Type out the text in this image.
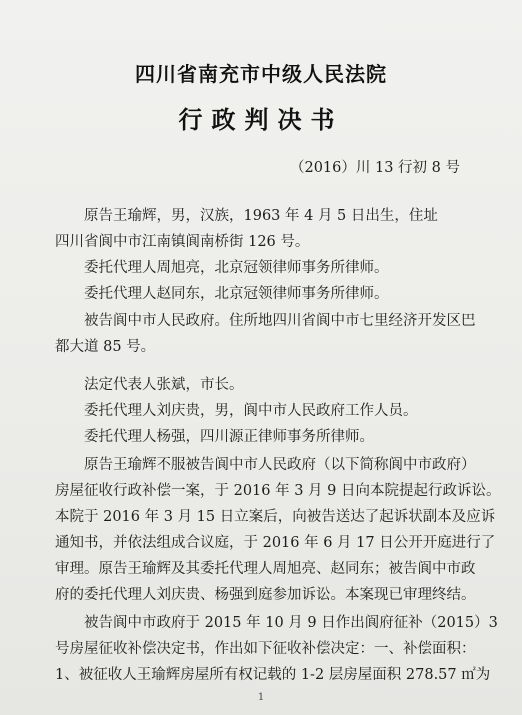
四川省南充市中级人民法院
行政判决书
（2016）川 13 行初 8 号
原告王瑜辉，男，汉族，1963 年 4 月 5 日出生，住址
四川省阆中市江南镇阆南桥街 126 号。
委托代理人周旭亮，北京冠领律师事务所律师。
委托代理人赵同东，北京冠领律师事务所律师。
被告阆中市人民政府。住所地四川省阆中市七里经济开发区巴
都大道 85 号。
法定代表人张斌，市长。
委托代理人刘庆贵，男，阆中市人民政府工作人员。
委托代理人杨强，四川源正律师事务所律师。
原告王瑜辉不服被告阆中市人民政府（以下简称阆中市政府）
房屋征收行政补偿一案，于 2016 年 3 月 9 日向本院提起行政诉讼。
本院于 2016 年 3 月 15 日立案后，向被告送达了起诉状副本及应诉
通知书，并依法组成合议庭，于 2016 年 6 月 17 日公开开庭进行了
审理。原告王瑜辉及其委托代理人周旭亮、赵同东；被告阆中市政
府的委托代理人刘庆贵、杨强到庭参加诉讼。本案现已审理终结。
被告阆中市政府于 2015 年 10 月 9 日作出阆府征补（2015）3
号房屋征收补偿决定书，作出如下征收补偿决定：一、补偿面积：
1、被征收人王瑜辉房屋所有权记载的 1-2 层房屋面积 278.57 ㎡为
1
